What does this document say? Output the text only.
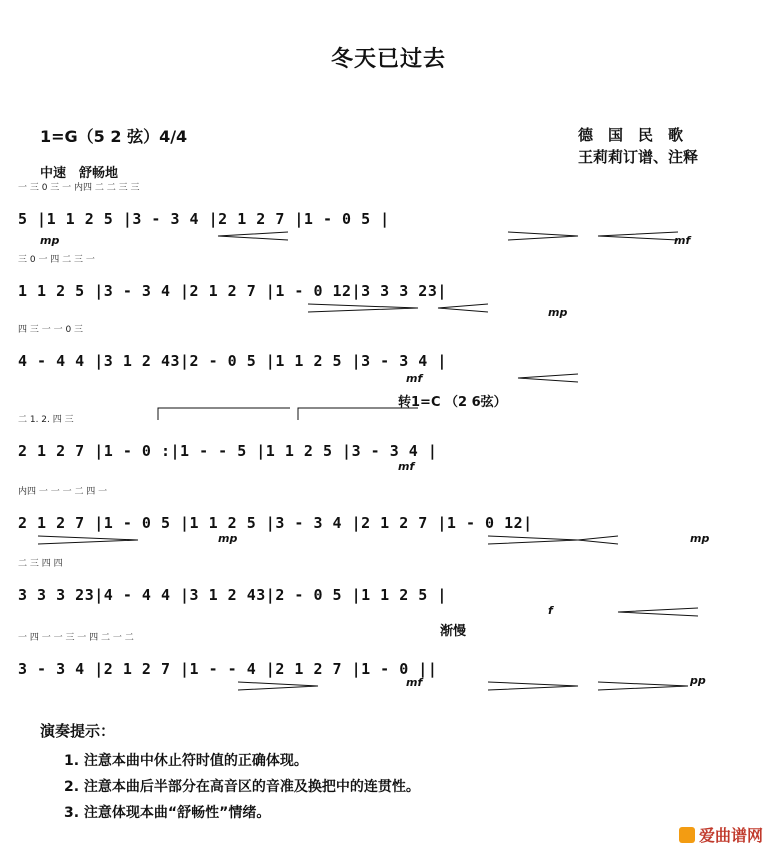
冬天已过去
1=G（5 2 弦）4/4
中速　舒畅地
德　国　民　歌
王莉莉订谱、注释
一 三 0 三 一 内四 二 二 三 三
5 |1 1 2 5 |3 - 3 4 |2 1 2 7 |1 - 0 5 |
mp	mf
三 0 一 四 二 三 一
1 1 2 5 |3 - 3 4 |2 1 2 7 |1 - 0 12|3 3 3 23|
mp
四 三 一 一 0 三
4 - 4 4 |3 1 2 43|2 - 0 5 |1 1 2 5 |3 - 3 4 |
mf
转1=C （2 6弦）
二 1. 2. 四 三
2 1 2 7 |1 - 0 :|1 - - 5 |1 1 2 5 |3 - 3 4 |
mf
内四 一 一 一 二 四 一
2 1 2 7 |1 - 0 5 |1 1 2 5 |3 - 3 4 |2 1 2 7 |1 - 0 12|
mp	mp
二 三 四 四
3 3 3 23|4 - 4 4 |3 1 2 43|2 - 0 5 |1 1 2 5 |
f
渐慢
一 四 一 一 三 一 四 二 一 二
3 - 3 4 |2 1 2 7 |1 - - 4 |2 1 2 7 |1 - 0 ||
mf	pp
演奏提示：
1. 注意本曲中休止符时值的正确体现。
2. 注意本曲后半部分在高音区的音准及换把中的连贯性。
3. 注意体现本曲“舒畅性”情绪。
爱曲谱网
